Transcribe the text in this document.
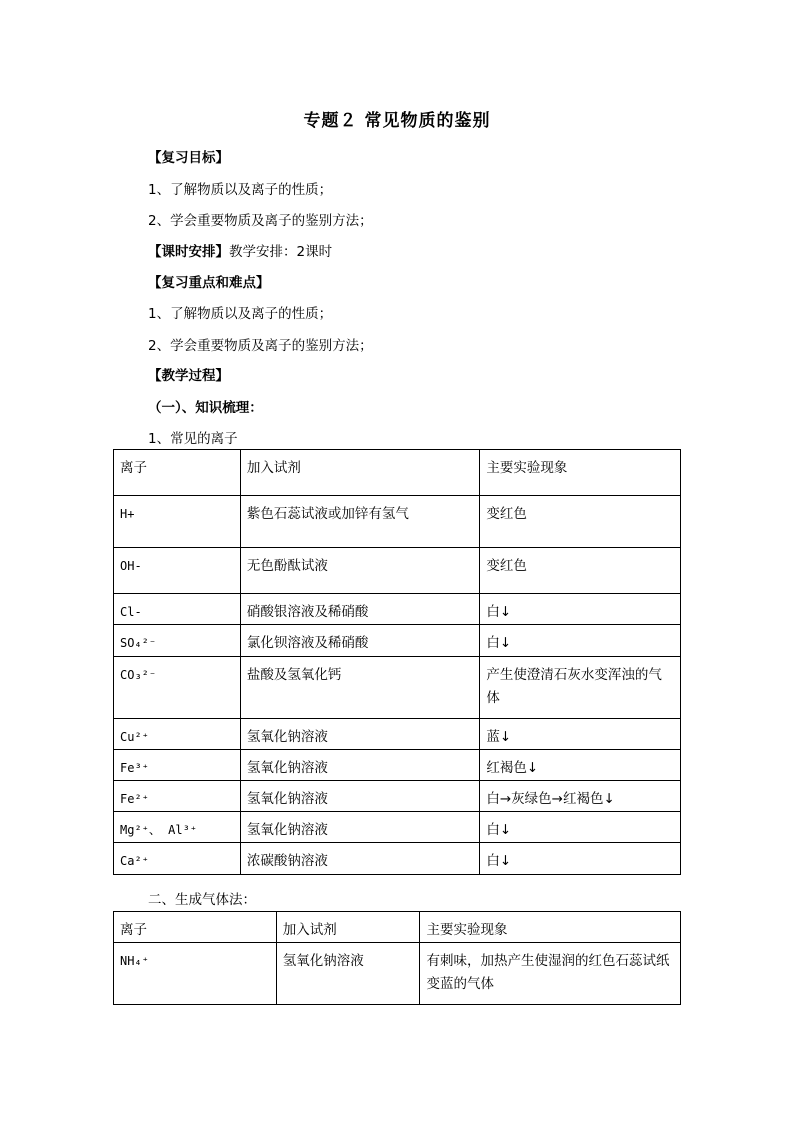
专题２ 常见物质的鉴别
【复习目标】
1、了解物质以及离子的性质；
2、学会重要物质及离子的鉴别方法；
【课时安排】教学安排：2课时
【复习重点和难点】
1、了解物质以及离子的性质；
2、学会重要物质及离子的鉴别方法；
【教学过程】
（一）、知识梳理：
1、常见的离子
离子	加入试剂	主要实验现象
H+	紫色石蕊试液或加锌有氢气	变红色
OH-	无色酚酞试液	变红色
Cl-	硝酸银溶液及稀硝酸	白↓
SO₄²⁻	氯化钡溶液及稀硝酸	白↓
CO₃²⁻	盐酸及氢氧化钙	产生使澄清石灰水变浑浊的气体
Cu²⁺	氢氧化钠溶液	蓝↓
Fe³⁺	氢氧化钠溶液	红褐色↓
Fe²⁺	氢氧化钠溶液	白→灰绿色→红褐色↓
Mg²⁺、 Al³⁺	氢氧化钠溶液	白↓
Ca²⁺	浓碳酸钠溶液	白↓
二、生成气体法：
离子	加入试剂	主要实验现象
NH₄⁺	氢氧化钠溶液	有刺味，加热产生使湿润的红色石蕊试纸变蓝的气体
